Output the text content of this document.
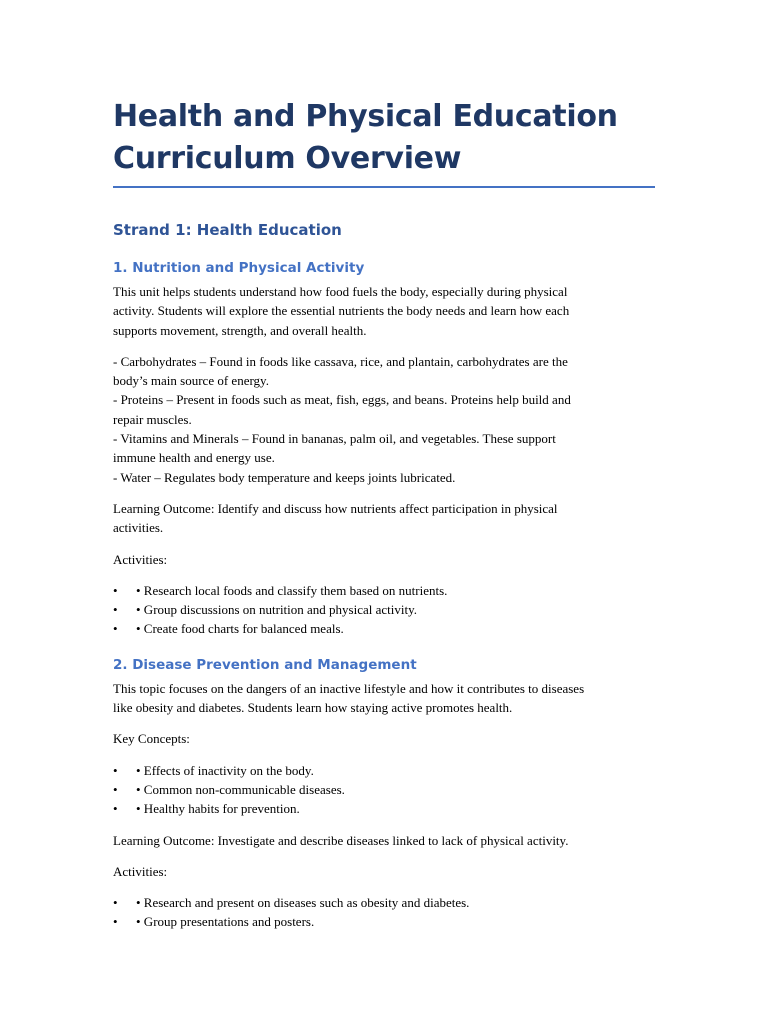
Health and Physical Education
Curriculum Overview
Strand 1: Health Education
1. Nutrition and Physical Activity

This unit helps students understand how food fuels the body, especially during physical
activity. Students will explore the essential nutrients the body needs and learn how each
supports movement, strength, and overall health.

- Carbohydrates – Found in foods like cassava, rice, and plantain, carbohydrates are the
body’s main source of energy.
- Proteins – Present in foods such as meat, fish, eggs, and beans. Proteins help build and
repair muscles.
- Vitamins and Minerals – Found in bananas, palm oil, and vegetables. These support
immune health and energy use.
- Water – Regulates body temperature and keeps joints lubricated.

Learning Outcome: Identify and discuss how nutrients affect participation in physical
activities.

Activities:

• • Research local foods and classify them based on nutrients.
• • Group discussions on nutrition and physical activity.
• • Create food charts for balanced meals.
2. Disease Prevention and Management

This topic focuses on the dangers of an inactive lifestyle and how it contributes to diseases
like obesity and diabetes. Students learn how staying active promotes health.

Key Concepts:

• • Effects of inactivity on the body.
• • Common non-communicable diseases.
• • Healthy habits for prevention.

Learning Outcome: Investigate and describe diseases linked to lack of physical activity.

Activities:

• • Research and present on diseases such as obesity and diabetes.
• • Group presentations and posters.
